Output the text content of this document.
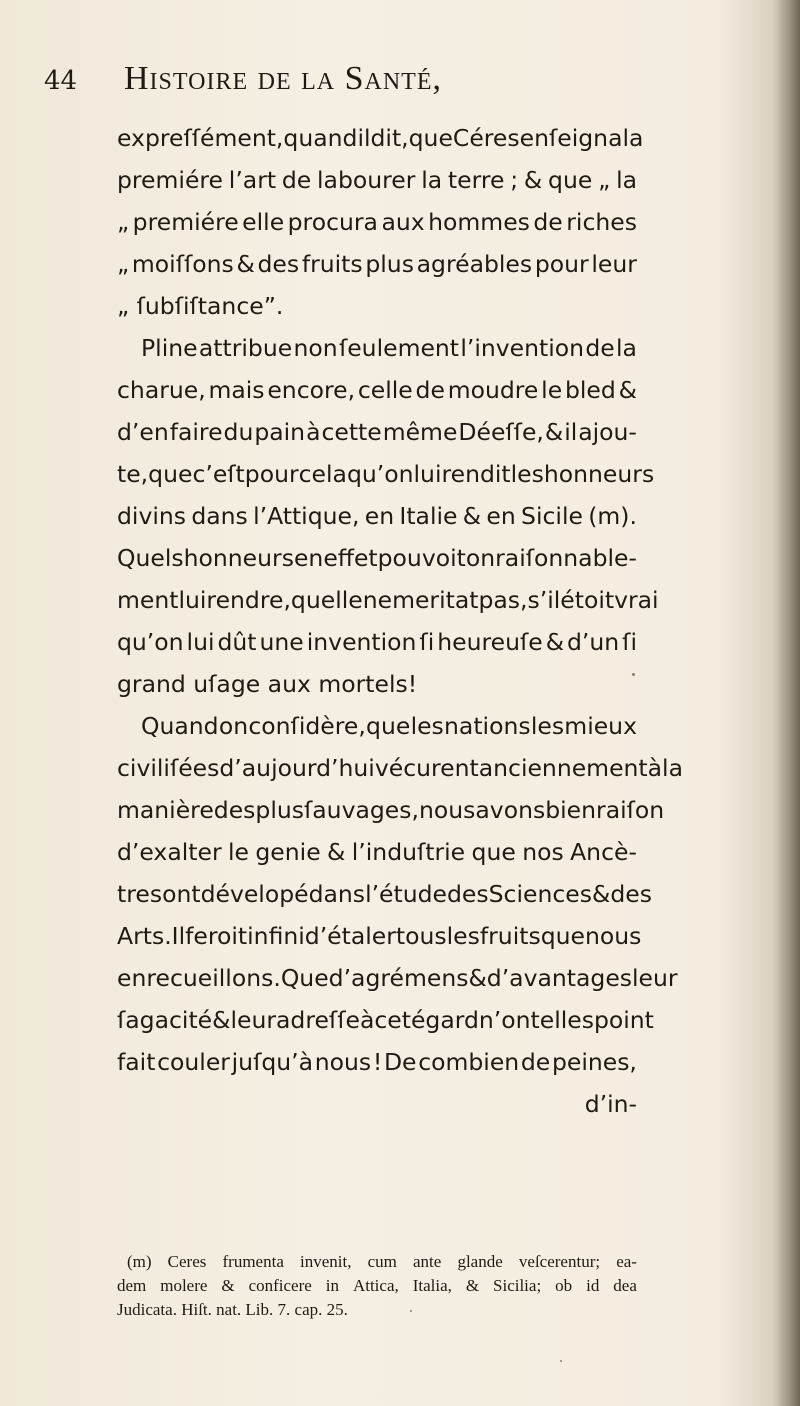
44 Histoire de la Santé,
expreſſément, quand il dit, que Céres enſeigna la
premiére l’art de labourer la terre ; & que „ la
„ premiére elle procura aux hommes de riches
„ moiſſons & des fruits plus agréables pour leur
„ ſubſiſtance”.
Pline attribue non ſeulement l’invention de la
charue, mais encore, celle de moudre le bled &
d’en faire du pain à cette même Déeſſe, & il ajou-
te, que c’eſt pour cela qu’on lui rendit les honneurs
divins dans l’Attique, en Italie & en Sicile (m).
Quels honneurs en effet pouvoit on raiſonnable-
ment lui rendre, quelle ne meritat pas, s’il étoit vrai
qu’on lui dût une invention ſi heureuſe & d’un ſi
grand uſage aux mortels!
Quand on conſidère, que les nations les mieux
civiliſées d’aujourd’hui vécurent anciennement à la
manière des plus ſauvages, nous avons bien raiſon
d’exalter le genie & l’induſtrie que nos Ancè-
tres ont dévelopé dans l’étude des Sciences & des
Arts. Il feroit infini d’étaler tous les fruits que nous
en recueillons. Que d’agrémens & d’avantages leur
ſagacité & leur adreſſe à cet égard n’ont elles point
fait couler juſqu’à nous ! De combien de peines,
d’in-
(m) Ceres frumenta invenit, cum ante glande veſcerentur; ea-
dem molere & conficere in Attica, Italia, & Sicilia; ob id dea
Judicata. Hiſt. nat. Lib. 7. cap. 25.
